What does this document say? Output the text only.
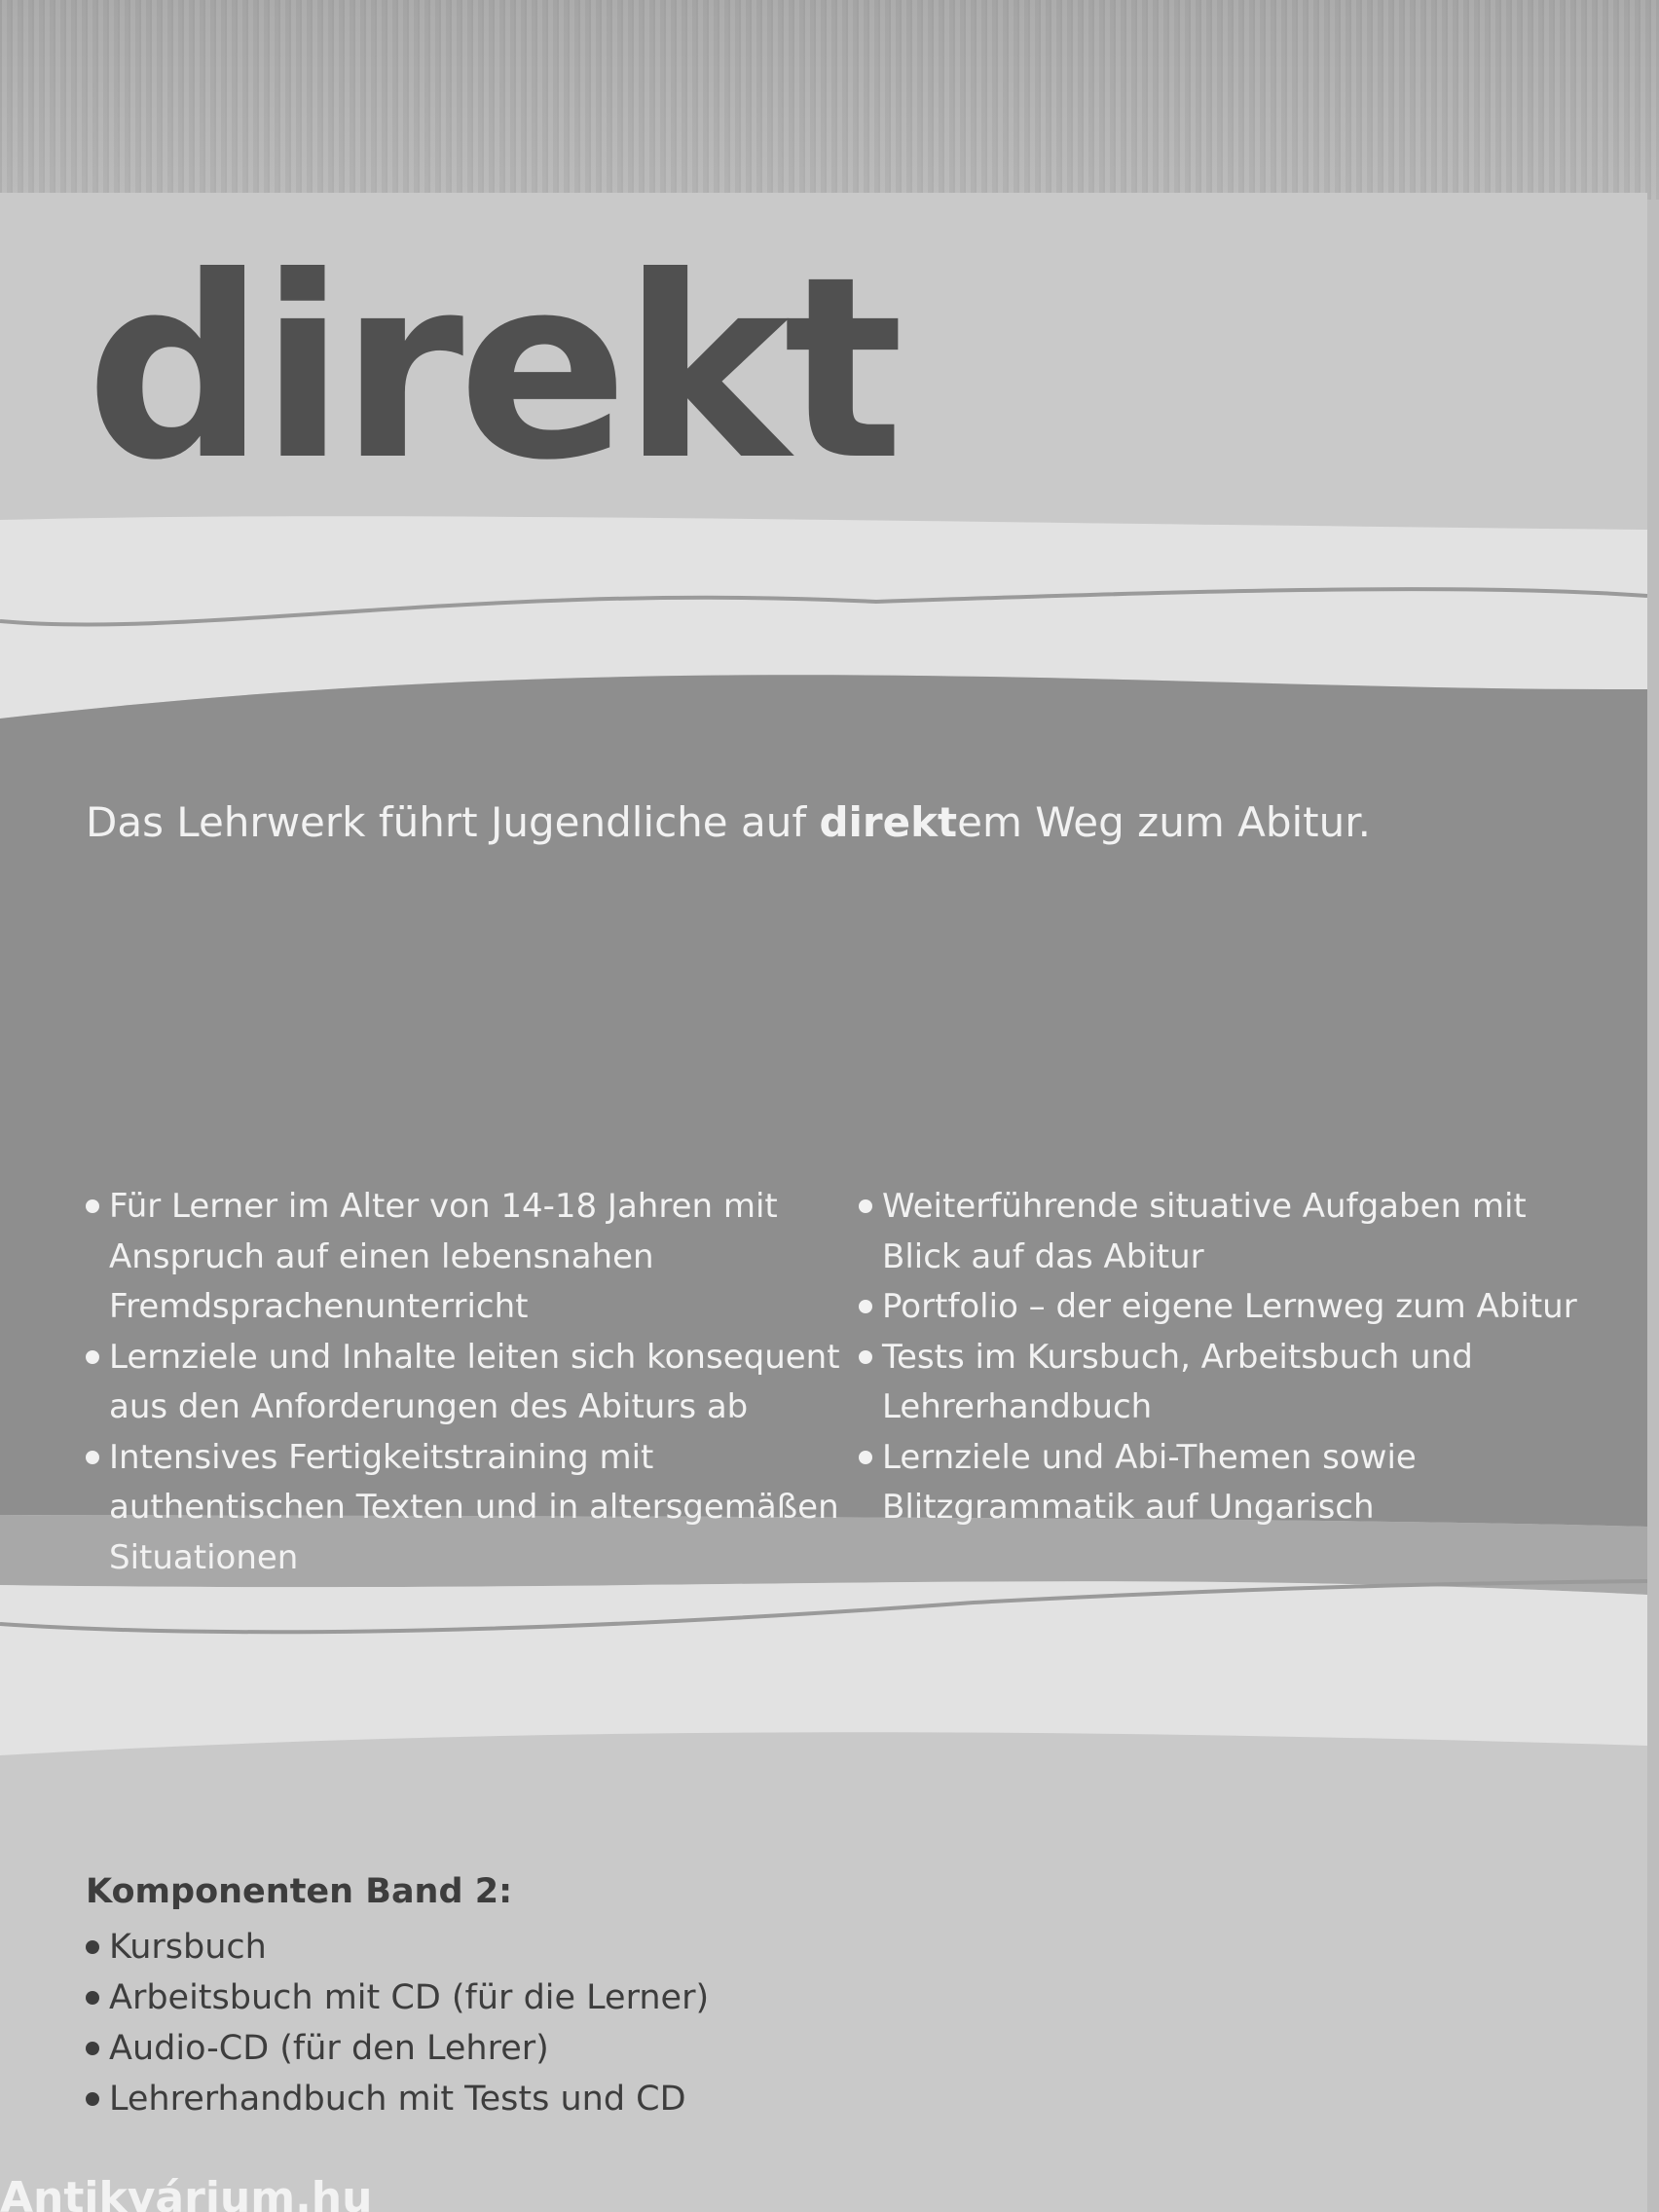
direkt

Das Lehrwerk führt Jugendliche auf direktem Weg zum Abitur.

Für Lerner im Alter von 14-18 Jahren mit Anspruch auf einen lebensnahen Fremdsprachenunterricht
Lernziele und Inhalte leiten sich konsequent aus den Anforderungen des Abiturs ab
Intensives Fertigkeitstraining mit authentischen Texten und in altersgemäßen Situationen
Weiterführende situative Aufgaben mit Blick auf das Abitur
Portfolio – der eigene Lernweg zum Abitur
Tests im Kursbuch, Arbeitsbuch und Lehrerhandbuch
Lernziele und Abi-Themen sowie Blitzgrammatik auf Ungarisch
Komponenten Band 2:
Kursbuch
Arbeitsbuch mit CD (für die Lerner)
Audio-CD (für den Lehrer)
Lehrerhandbuch mit Tests und CD
Antikvárium.hu
